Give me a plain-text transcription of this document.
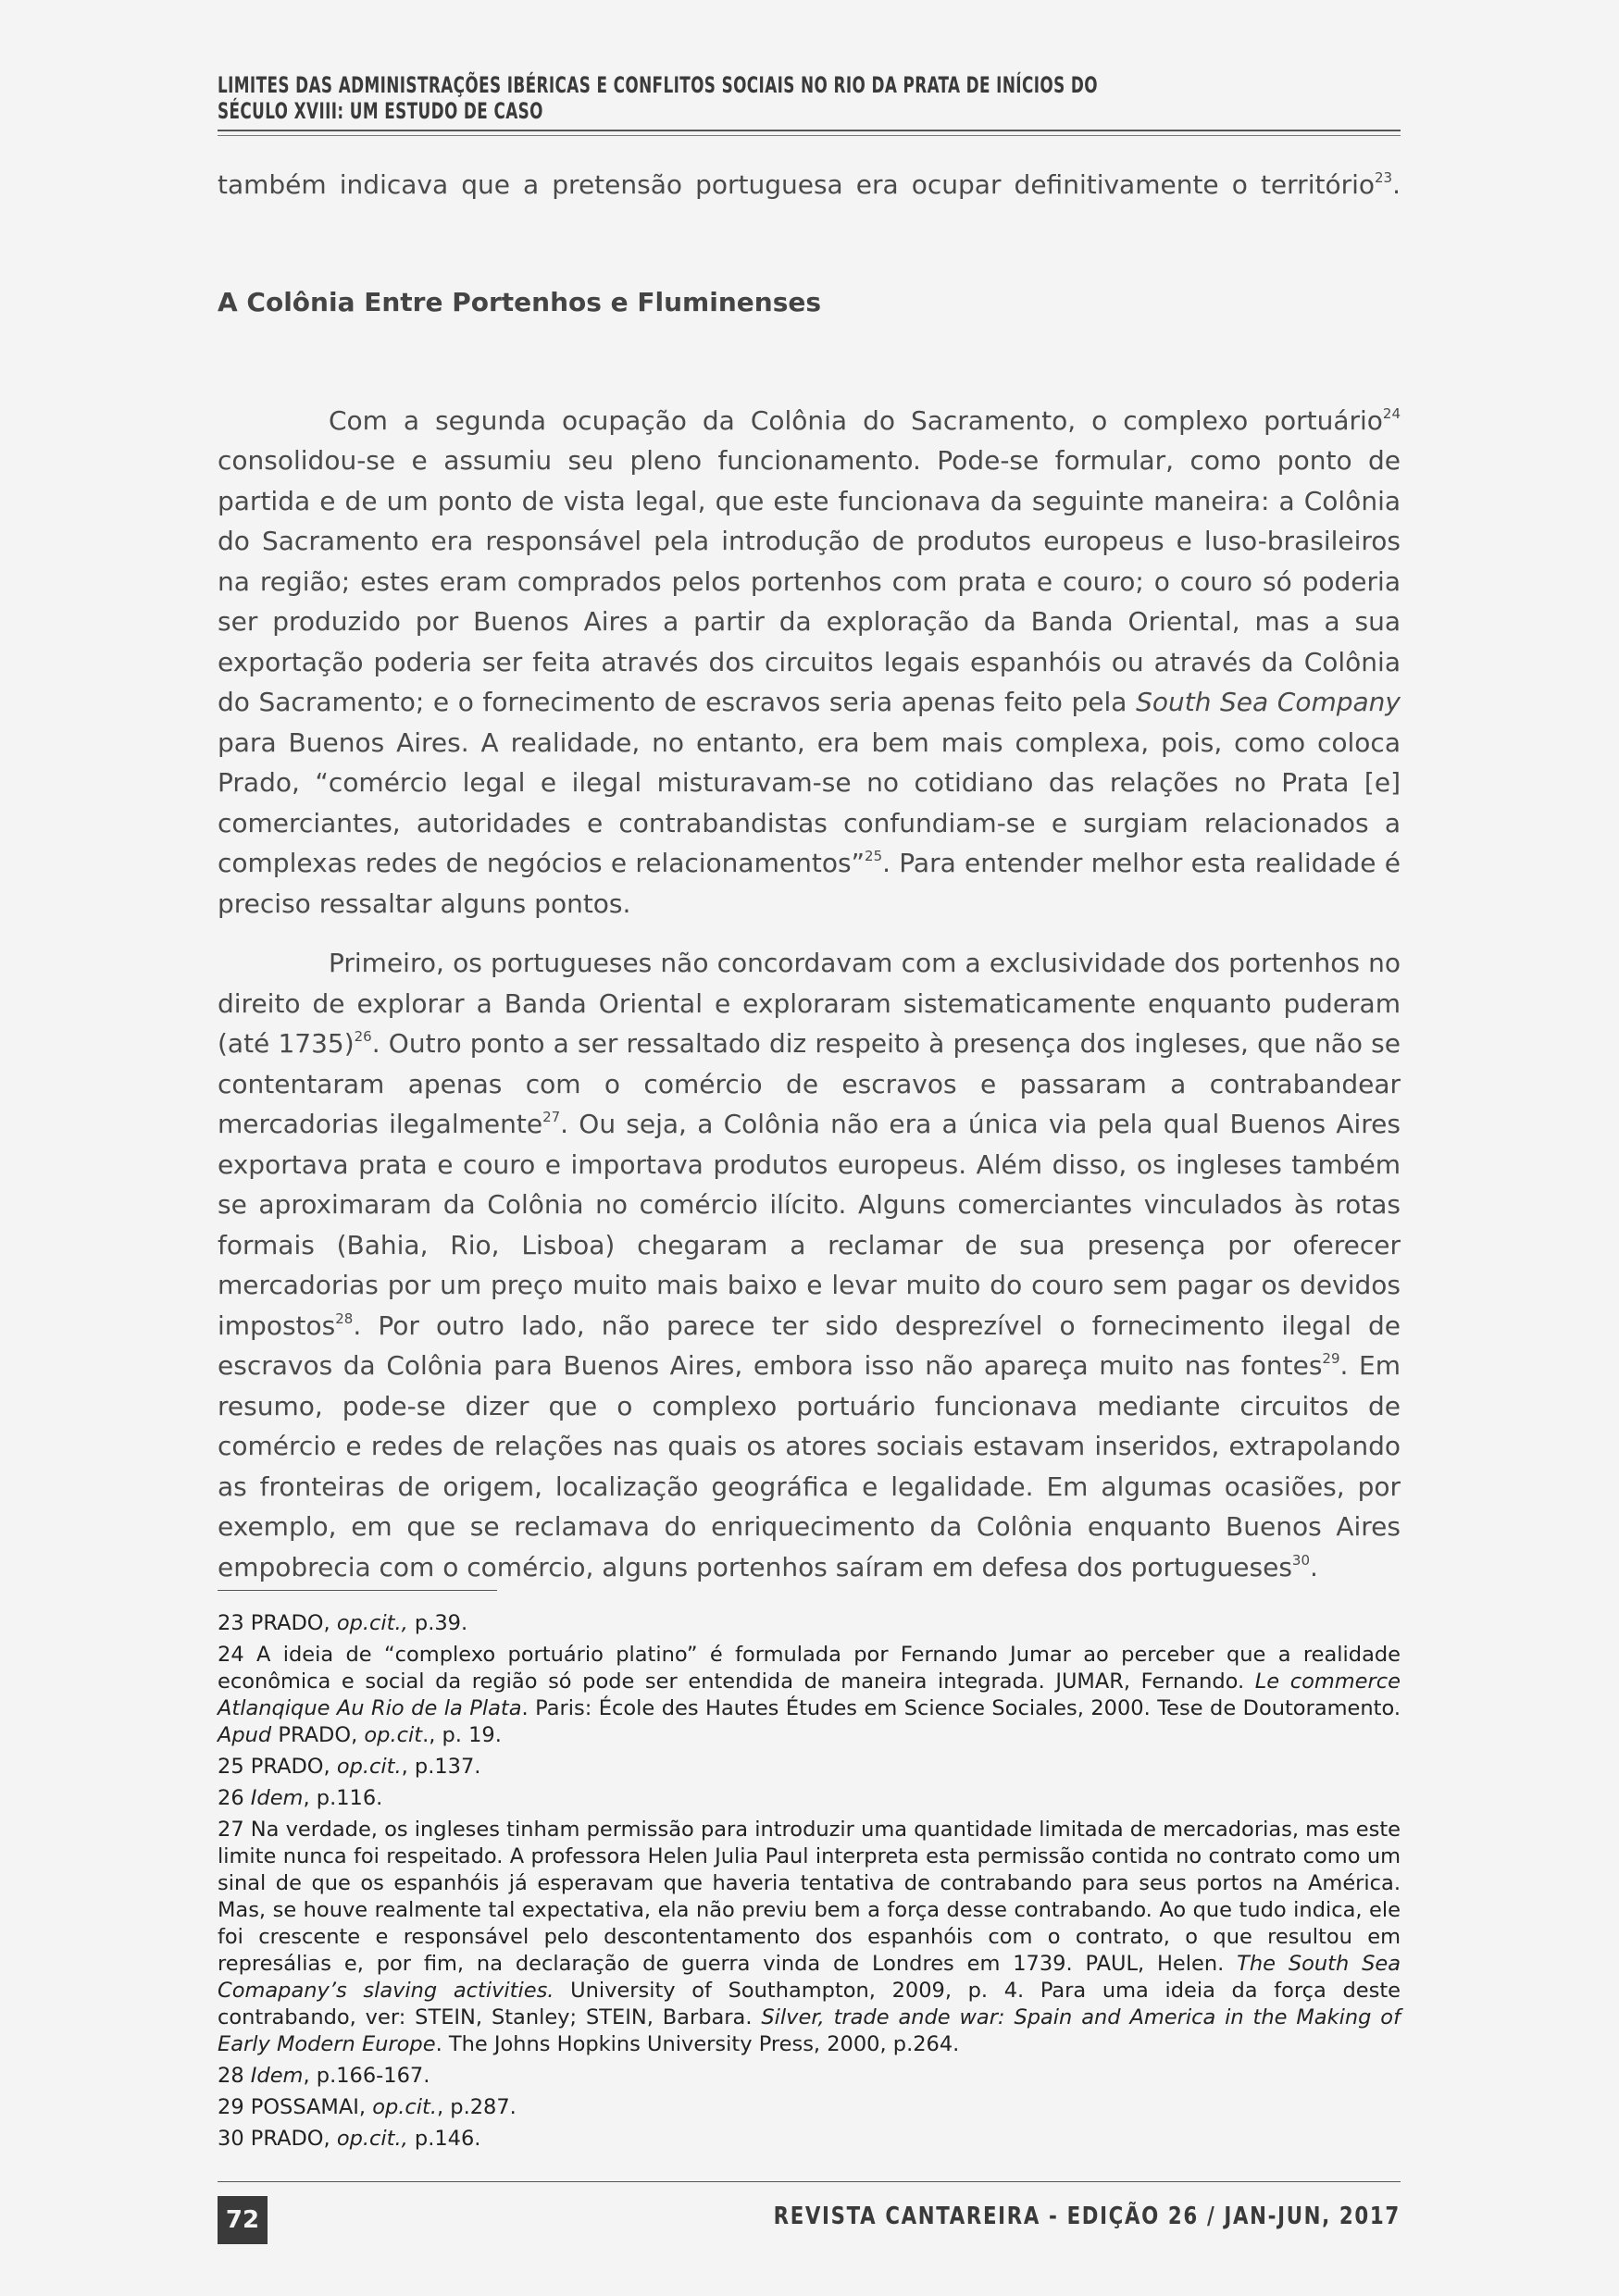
LIMITES DAS ADMINISTRAÇÕES IBÉRICAS E CONFLITOS SOCIAIS NO RIO DA PRATA DE INÍCIOS DO
SÉCULO XVIII: UM ESTUDO DE CASO

também indicava que a pretensão portuguesa era ocupar definitivamente o território$^{23}$.

A Colônia Entre Portenhos e Fluminenses

Com a segunda ocupação da Colônia do Sacramento, o complexo portuário$^{24}$ consolidou-se e assumiu seu pleno funcionamento. Pode-se formular, como ponto de partida e de um ponto de vista legal, que este funcionava da seguinte maneira: a Colônia do Sacramento era responsável pela introdução de produtos europeus e luso-brasileiros na região; estes eram comprados pelos portenhos com prata e couro; o couro só poderia ser produzido por Buenos Aires a partir da exploração da Banda Oriental, mas a sua exportação poderia ser feita através dos circuitos legais espanhóis ou através da Colônia do Sacramento; e o fornecimento de escravos seria apenas feito pela South Sea Company para Buenos Aires. A realidade, no entanto, era bem mais complexa, pois, como coloca Prado, “comércio legal e ilegal misturavam-se no cotidiano das relações no Prata [e] comerciantes, autoridades e contrabandistas confundiam-se e surgiam relacionados a complexas redes de negócios e relacionamentos”$^{25}$. Para entender melhor esta realidade é preciso ressaltar alguns pontos.

Primeiro, os portugueses não concordavam com a exclusividade dos portenhos no direito de explorar a Banda Oriental e exploraram sistematicamente enquanto puderam (até 1735)$^{26}$. Outro ponto a ser ressaltado diz respeito à presença dos ingleses, que não se contentaram apenas com o comércio de escravos e passaram a contrabandear mercadorias ilegalmente$^{27}$. Ou seja, a Colônia não era a única via pela qual Buenos Aires exportava prata e couro e importava produtos europeus. Além disso, os ingleses também se aproximaram da Colônia no comércio ilícito. Alguns comerciantes vinculados às rotas formais (Bahia, Rio, Lisboa) chegaram a reclamar de sua presença por oferecer mercadorias por um preço muito mais baixo e levar muito do couro sem pagar os devidos impostos$^{28}$. Por outro lado, não parece ter sido desprezível o fornecimento ilegal de escravos da Colônia para Buenos Aires, embora isso não apareça muito nas fontes$^{29}$. Em resumo, pode-se dizer que o complexo portuário funcionava mediante circuitos de comércio e redes de relações nas quais os atores sociais estavam inseridos, extrapolando as fronteiras de origem, localização geográfica e legalidade. Em algumas ocasiões, por exemplo, em que se reclamava do enriquecimento da Colônia enquanto Buenos Aires empobrecia com o comércio, alguns portenhos saíram em defesa dos portugueses$^{30}$.

23 PRADO, op.cit., p.39.

24 A ideia de “complexo portuário platino” é formulada por Fernando Jumar ao perceber que a realidade econômica e social da região só pode ser entendida de maneira integrada. JUMAR, Fernando. Le commerce Atlanqique Au Rio de la Plata. Paris: École des Hautes Études em Science Sociales, 2000. Tese de Doutoramento. Apud PRADO, op.cit., p. 19.

25 PRADO, op.cit., p.137.

26 Idem, p.116.

27 Na verdade, os ingleses tinham permissão para introduzir uma quantidade limitada de mercadorias, mas este limite nunca foi respeitado. A professora Helen Julia Paul interpreta esta permissão contida no contrato como um sinal de que os espanhóis já esperavam que haveria tentativa de contrabando para seus portos na América. Mas, se houve realmente tal expectativa, ela não previu bem a força desse contrabando. Ao que tudo indica, ele foi crescente e responsável pelo descontentamento dos espanhóis com o contrato, o que resultou em represálias e, por fim, na declaração de guerra vinda de Londres em 1739. PAUL, Helen. The South Sea Comapany’s slaving activities. University of Southampton, 2009, p. 4. Para uma ideia da força deste contrabando, ver: STEIN, Stanley; STEIN, Barbara. Silver, trade ande war: Spain and America in the Making of Early Modern Europe. The Johns Hopkins University Press, 2000, p.264.

28 Idem, p.166-167.

29 POSSAMAI, op.cit., p.287.

30 PRADO, op.cit., p.146.

72	REVISTA CANTAREIRA - EDIÇÃO 26 / JAN-JUN, 2017
